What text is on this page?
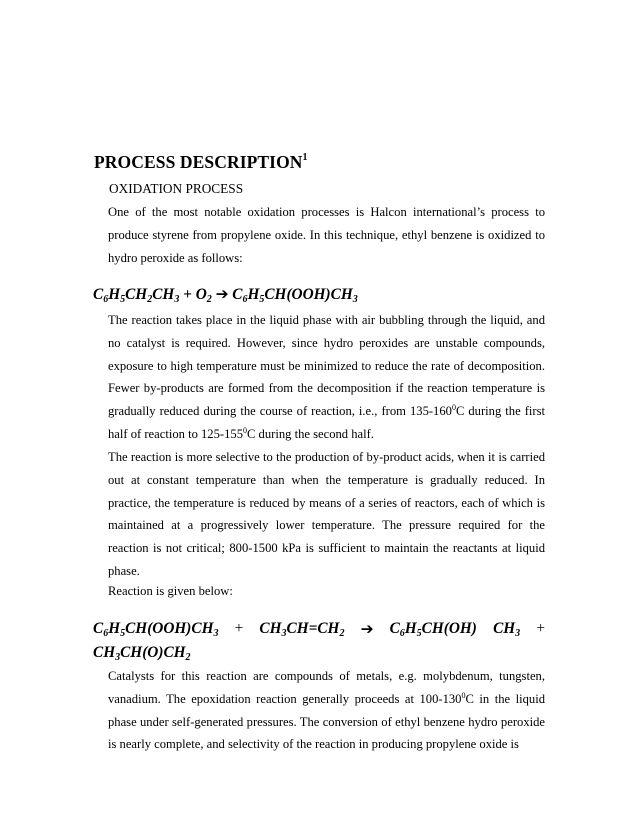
PROCESS DESCRIPTION$^1$
OXIDATION PROCESS
One of the most notable oxidation processes is Halcon international’s process to produce styrene from propylene oxide. In this technique, ethyl benzene is oxidized to hydro peroxide as follows:
$C_6H_5CH_2CH_3 + O_2$ ➔ $C_6H_5CH(OOH)CH_3$
The reaction takes place in the liquid phase with air bubbling through the liquid, and no catalyst is required. However, since hydro peroxides are unstable compounds, exposure to high temperature must be minimized to reduce the rate of decomposition. Fewer by-products are formed from the decomposition if the reaction temperature is gradually reduced during the course of reaction, i.e., from $135-160^0C$ during the first half of reaction to $125-155^0C$ during the second half.
The reaction is more selective to the production of by-product acids, when it is carried out at constant temperature than when the temperature is gradually reduced. In practice, the temperature is reduced by means of a series of reactors, each of which is maintained at a progressively lower temperature. The pressure required for the reaction is not critical; 800-1500 kPa is sufficient to maintain the reactants at liquid phase.
Reaction is given below:
$C_6H_5CH(OOH)CH_3 + CH_3CH=CH_2$ ➔ $C_6H_5CH(OH) CH_3$ +
$CH_3CH(O)CH_2$
Catalysts for this reaction are compounds of metals, e.g. molybdenum, tungsten, vanadium. The epoxidation reaction generally proceeds at $100-130^0C$ in the liquid phase under self-generated pressures. The conversion of ethyl benzene hydro peroxide is nearly complete, and selectivity of the reaction in producing propylene oxide is
